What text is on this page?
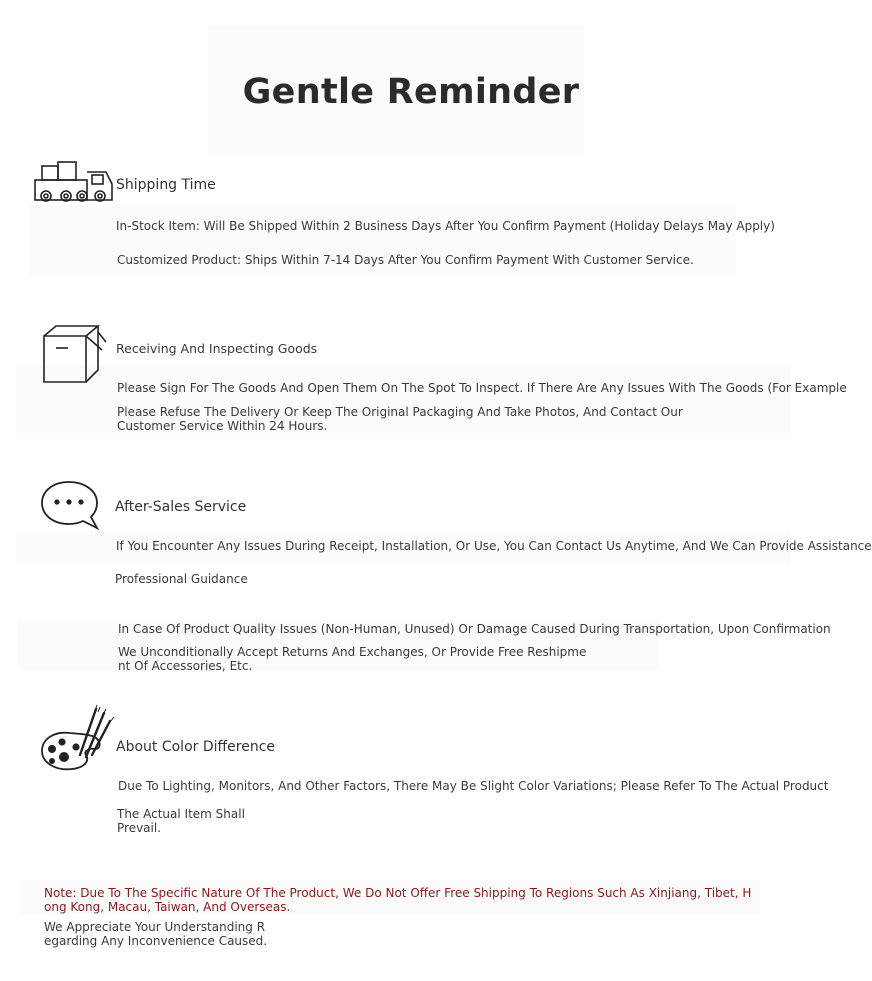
Gentle Reminder
Shipping Time
In-Stock Item: Will Be Shipped Within 2 Business Days After You Confirm Payment (Holiday Delays May Apply)
Customized Product: Ships Within 7-14 Days After You Confirm Payment With Customer Service.
Receiving And Inspecting Goods
Please Sign For The Goods And Open Them On The Spot To Inspect. If There Are Any Issues With The Goods (For Example
Please Refuse The Delivery Or Keep The Original Packaging And Take Photos, And Contact Our Customer Service Within 24 Hours.
After-Sales Service
If You Encounter Any Issues During Receipt, Installation, Or Use, You Can Contact Us Anytime, And We Can Provide Assistance
Professional Guidance
In Case Of Product Quality Issues (Non-Human, Unused) Or Damage Caused During Transportation, Upon Confirmation
We Unconditionally Accept Returns And Exchanges, Or Provide Free Reshipment Of Accessories, Etc.
About Color Difference
Due To Lighting, Monitors, And Other Factors, There May Be Slight Color Variations; Please Refer To The Actual Product
The Actual Item Shall Prevail.
Note: Due To The Specific Nature Of The Product, We Do Not Offer Free Shipping To Regions Such As Xinjiang, Tibet, Hong Kong, Macau, Taiwan, And Overseas.
We Appreciate Your Understanding Regarding Any Inconvenience Caused.
